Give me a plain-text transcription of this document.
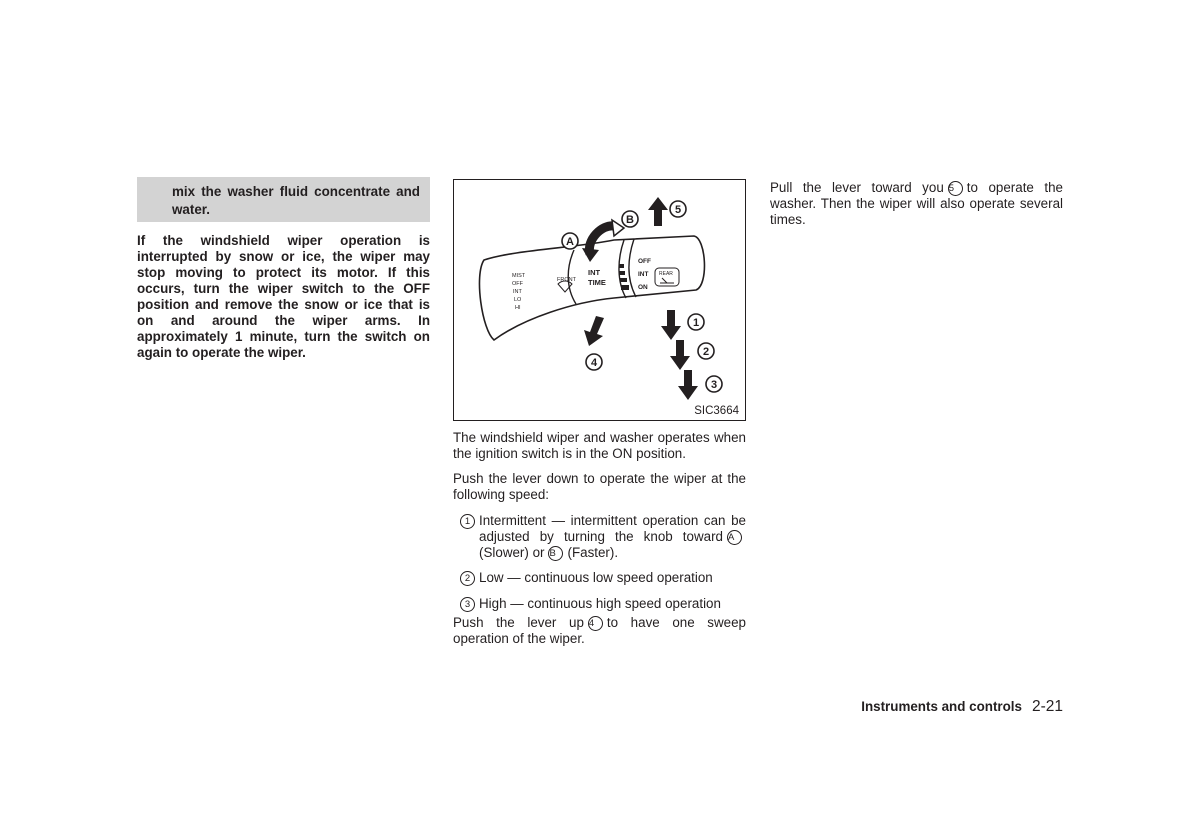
mix the washer fluid concentrate and water.
If the windshield wiper operation is interrupted by snow or ice, the wiper may stop moving to protect its motor. If this occurs, turn the wiper switch to the OFF position and remove the snow or ice that is on and around the wiper arms. In approximately 1 minute, turn the switch on again to operate the wiper.
MIST
OFF
INT
LO
HI
FRONT
INT
TIME
OFF
INT
ON
REAR
A
B
5
1
2
3
4
SIC3664

The windshield wiper and washer operates when the ignition switch is in the ON position.

Push the lever down to operate the wiper at the following speed:

1 Intermittent — intermittent operation can be adjusted by turning the knob toward A(Slower) or B (Faster).
2 Low — continuous low speed operation
3 High — continuous high speed operation
Push the lever up 4 to have one sweep operation of the wiper.
Pull the lever toward you 5 to operate the washer. Then the wiper will also operate several times.
Instruments and controls 2-21
